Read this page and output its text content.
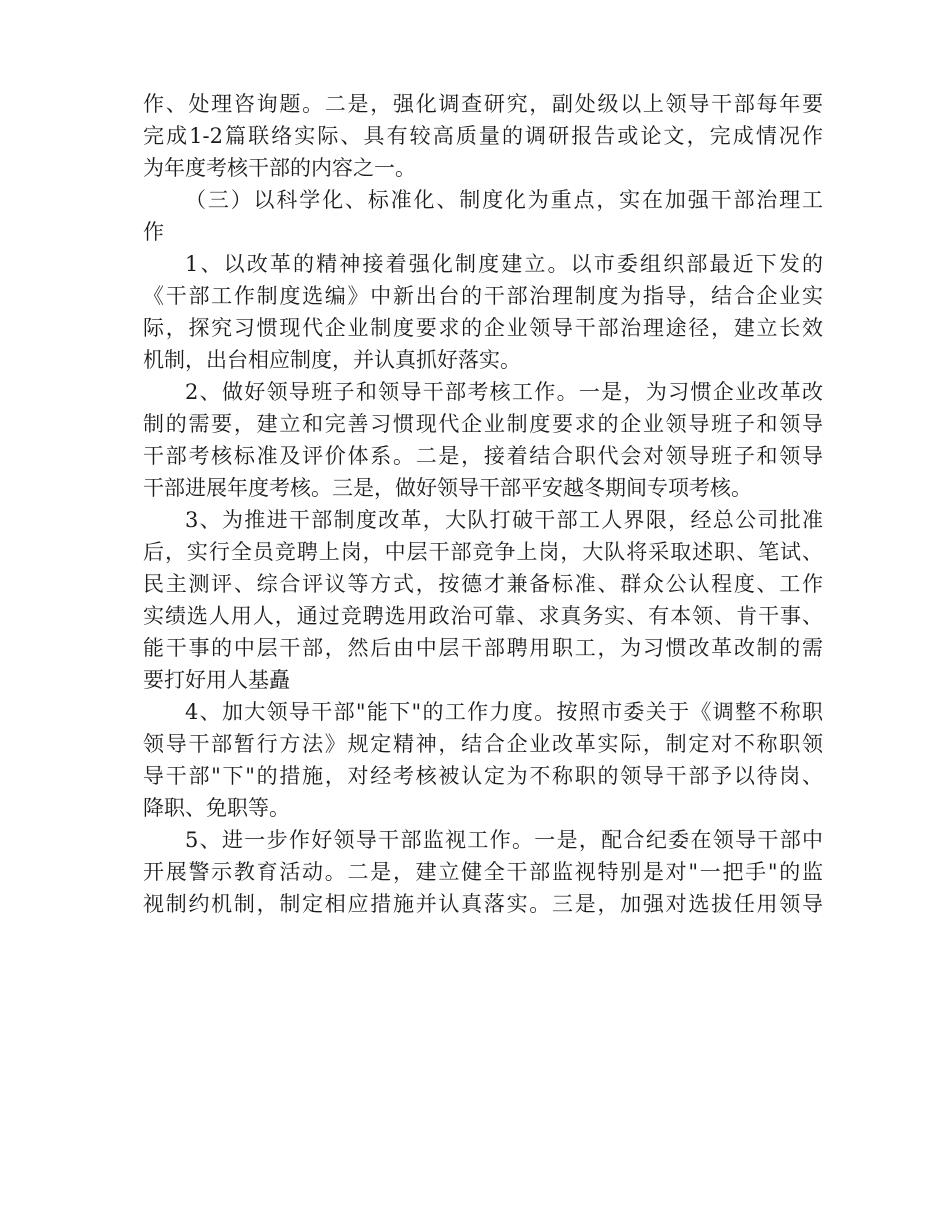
作、处理咨询题。二是，强化调查研究，副处级以上领导干部每年要
完成1-2篇联络实际、具有较高质量的调研报告或论文，完成情况作
为年度考核干部的内容之一。
（三）以科学化、标准化、制度化为重点，实在加强干部治理工
作
1、以改革的精神接着强化制度建立。以市委组织部最近下发的
《干部工作制度选编》中新出台的干部治理制度为指导，结合企业实
际，探究习惯现代企业制度要求的企业领导干部治理途径，建立长效
机制，出台相应制度，并认真抓好落实。
2、做好领导班子和领导干部考核工作。一是，为习惯企业改革改
制的需要，建立和完善习惯现代企业制度要求的企业领导班子和领导
干部考核标准及评价体系。二是，接着结合职代会对领导班子和领导
干部进展年度考核。三是，做好领导干部平安越冬期间专项考核。
3、为推进干部制度改革，大队打破干部工人界限，经总公司批准
后，实行全员竞聘上岗，中层干部竞争上岗，大队将采取述职、笔试、
民主测评、综合评议等方式，按德才兼备标准、群众公认程度、工作
实绩选人用人，通过竞聘选用政治可靠、求真务实、有本领、肯干事、
能干事的中层干部，然后由中层干部聘用职工，为习惯改革改制的需
要打好用人基矗
4、加大领导干部"能下"的工作力度。按照市委关于《调整不称职
领导干部暂行方法》规定精神，结合企业改革实际，制定对不称职领
导干部"下"的措施，对经考核被认定为不称职的领导干部予以待岗、
降职、免职等。
5、进一步作好领导干部监视工作。一是，配合纪委在领导干部中
开展警示教育活动。二是，建立健全干部监视特别是对"一把手"的监
视制约机制，制定相应措施并认真落实。三是，加强对选拔任用领导
